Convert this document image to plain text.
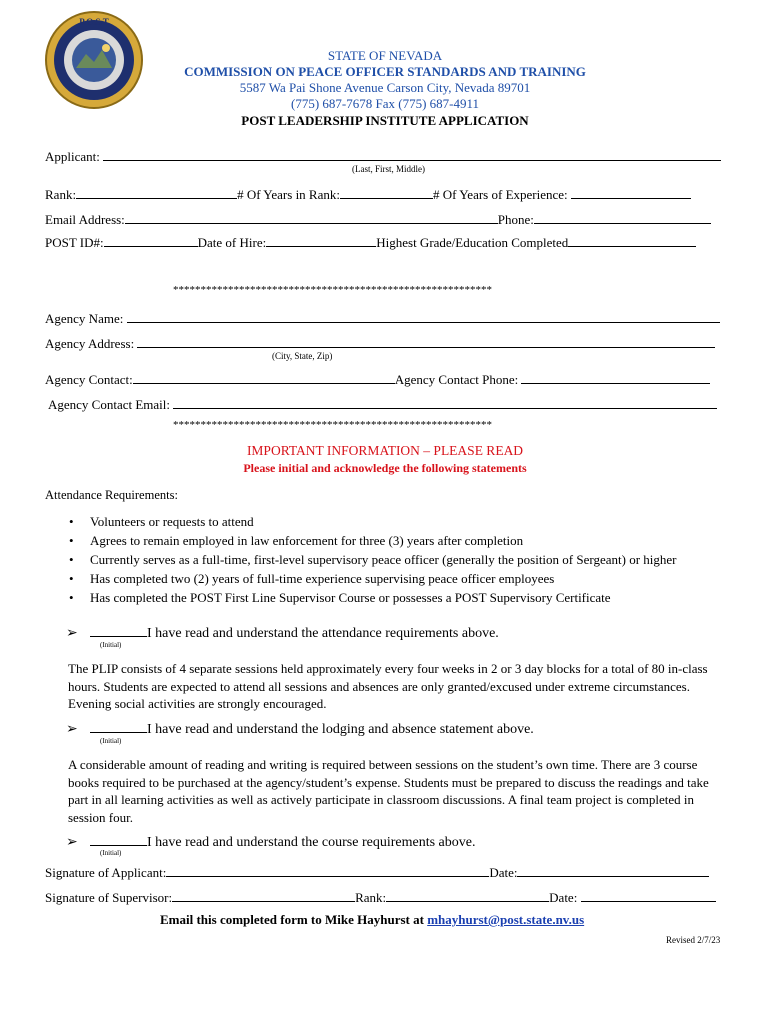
P.O.S.T
STATE OF NEVADA
COMMISSION ON PEACE OFFICER STANDARDS AND TRAINING
5587 Wa Pai Shone Avenue Carson City, Nevada 89701
(775) 687-7678 Fax (775) 687-4911
POST LEADERSHIP INSTITUTE APPLICATION
Applicant:
(Last, First, Middle)
Rank:	# Of Years in Rank:	# Of Years of Experience:
Email Address:	Phone:
POST ID#:	Date of Hire:	Highest Grade/Education Completed
**********************************************************
Agency Name:
Agency Address:
(City, State, Zip)
Agency Contact:	Agency Contact Phone:
Agency Contact Email:
**********************************************************
IMPORTANT INFORMATION – PLEASE READ
Please initial and acknowledge the following statements
Attendance Requirements:
• Volunteers or requests to attend
• Agrees to remain employed in law enforcement for three (3) years after completion
• Currently serves as a full-time, first-level supervisory peace officer (generally the position of Sergeant) or higher
• Has completed two (2) years of full-time experience supervising peace officer employees
• Has completed the POST First Line Supervisor Course or possesses a POST Supervisory Certificate
➢	I have read and understand the attendance requirements above.
(Initial)
The PLIP consists of 4 separate sessions held approximately every four weeks in 2 or 3 day blocks for a total of 80 in-class hours. Students are expected to attend all sessions and absences are only granted/excused under extreme circumstances. Evening social activities are strongly encouraged.
➢	I have read and understand the lodging and absence statement above.
(Initial)
A considerable amount of reading and writing is required between sessions on the student’s own time. There are 3 course books required to be purchased at the agency/student’s expense. Students must be prepared to discuss the readings and take part in all learning activities as well as actively participate in classroom discussions. A final team project is completed in session four.
➢	I have read and understand the course requirements above.
(Initial)
Signature of Applicant:	Date:
Signature of Supervisor:	Rank:	Date:
Email this completed form to Mike Hayhurst at mhayhurst@post.state.nv.us
Revised 2/7/23
